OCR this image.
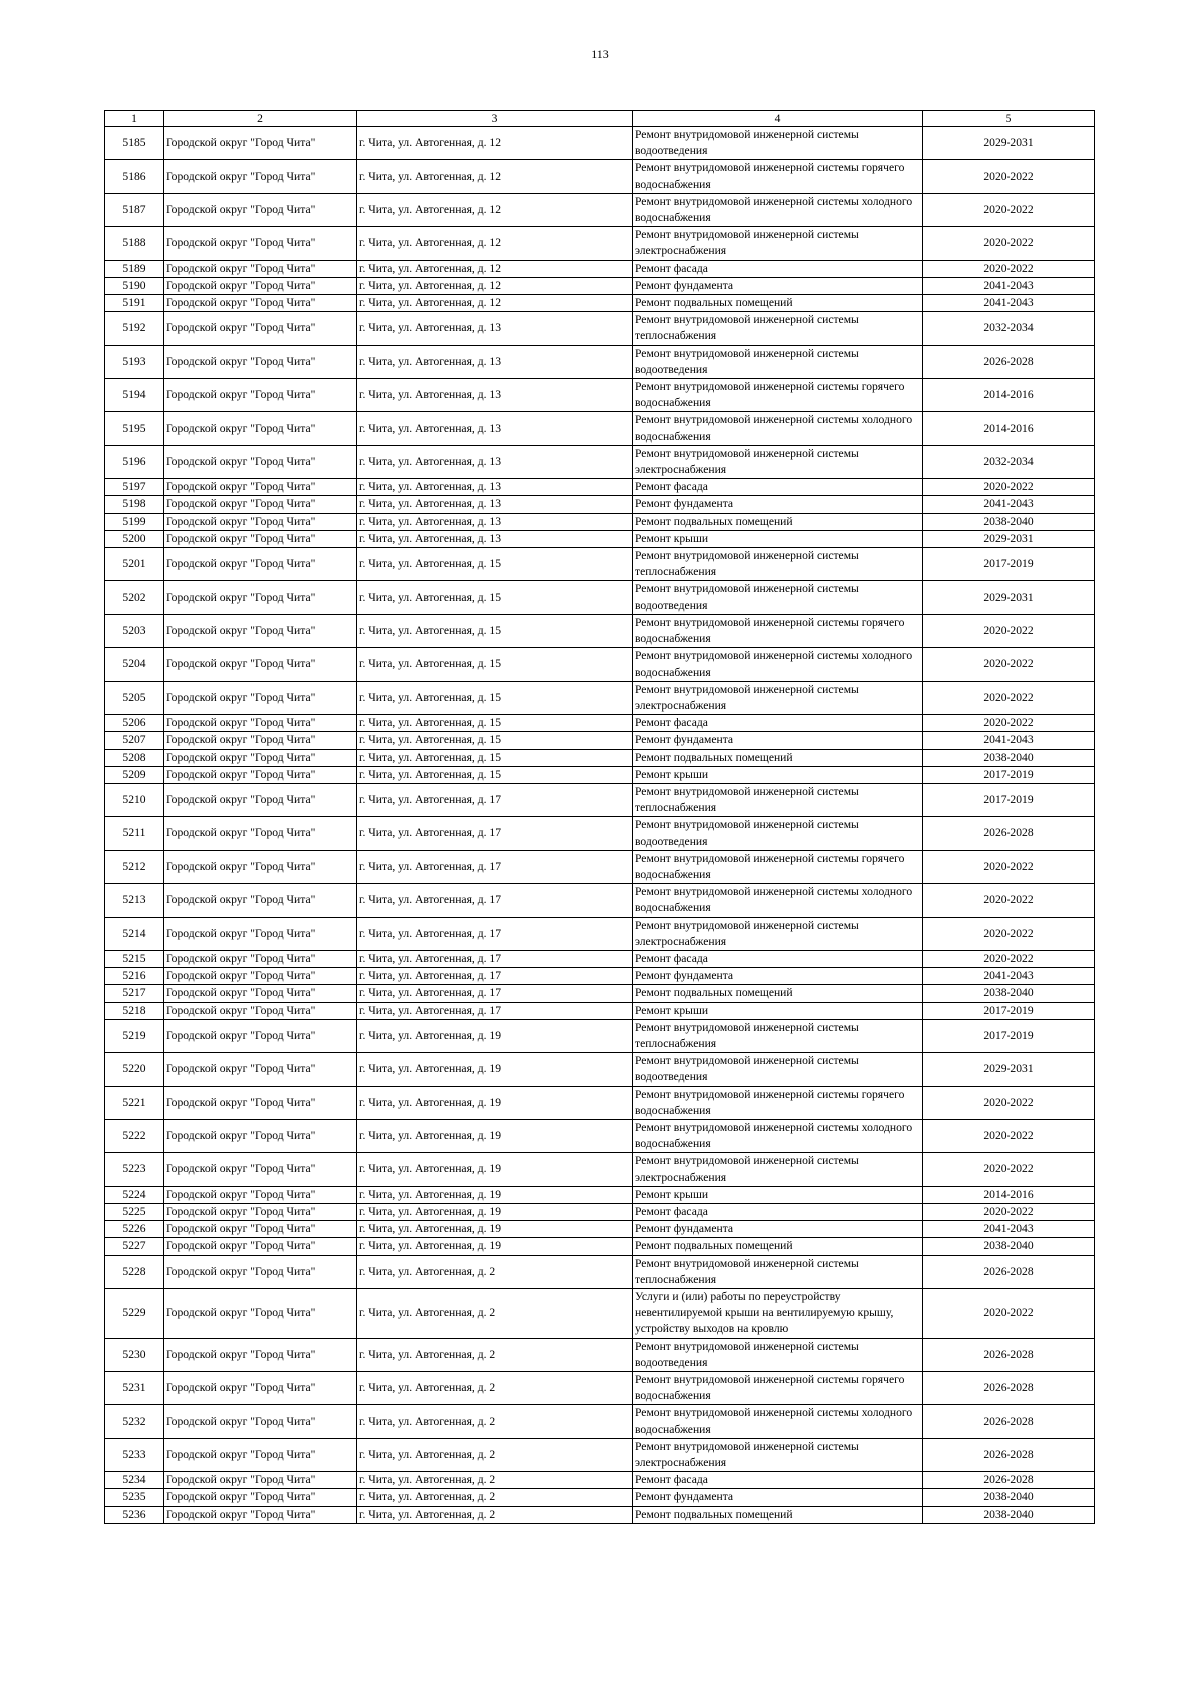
113
1	2	3	4	5
5185	Городской округ "Город Чита"	г. Чита, ул. Автогенная, д. 12	Ремонт внутридомовой инженерной системы водоотведения	2029-2031
5186	Городской округ "Город Чита"	г. Чита, ул. Автогенная, д. 12	Ремонт внутридомовой инженерной системы горячего водоснабжения	2020-2022
5187	Городской округ "Город Чита"	г. Чита, ул. Автогенная, д. 12	Ремонт внутридомовой инженерной системы холодного водоснабжения	2020-2022
5188	Городской округ "Город Чита"	г. Чита, ул. Автогенная, д. 12	Ремонт внутридомовой инженерной системы электроснабжения	2020-2022
5189	Городской округ "Город Чита"	г. Чита, ул. Автогенная, д. 12	Ремонт фасада	2020-2022
5190	Городской округ "Город Чита"	г. Чита, ул. Автогенная, д. 12	Ремонт фундамента	2041-2043
5191	Городской округ "Город Чита"	г. Чита, ул. Автогенная, д. 12	Ремонт подвальных помещений	2041-2043
5192	Городской округ "Город Чита"	г. Чита, ул. Автогенная, д. 13	Ремонт внутридомовой инженерной системы теплоснабжения	2032-2034
5193	Городской округ "Город Чита"	г. Чита, ул. Автогенная, д. 13	Ремонт внутридомовой инженерной системы водоотведения	2026-2028
5194	Городской округ "Город Чита"	г. Чита, ул. Автогенная, д. 13	Ремонт внутридомовой инженерной системы горячего водоснабжения	2014-2016
5195	Городской округ "Город Чита"	г. Чита, ул. Автогенная, д. 13	Ремонт внутридомовой инженерной системы холодного водоснабжения	2014-2016
5196	Городской округ "Город Чита"	г. Чита, ул. Автогенная, д. 13	Ремонт внутридомовой инженерной системы электроснабжения	2032-2034
5197	Городской округ "Город Чита"	г. Чита, ул. Автогенная, д. 13	Ремонт фасада	2020-2022
5198	Городской округ "Город Чита"	г. Чита, ул. Автогенная, д. 13	Ремонт фундамента	2041-2043
5199	Городской округ "Город Чита"	г. Чита, ул. Автогенная, д. 13	Ремонт подвальных помещений	2038-2040
5200	Городской округ "Город Чита"	г. Чита, ул. Автогенная, д. 13	Ремонт крыши	2029-2031
5201	Городской округ "Город Чита"	г. Чита, ул. Автогенная, д. 15	Ремонт внутридомовой инженерной системы теплоснабжения	2017-2019
5202	Городской округ "Город Чита"	г. Чита, ул. Автогенная, д. 15	Ремонт внутридомовой инженерной системы водоотведения	2029-2031
5203	Городской округ "Город Чита"	г. Чита, ул. Автогенная, д. 15	Ремонт внутридомовой инженерной системы горячего водоснабжения	2020-2022
5204	Городской округ "Город Чита"	г. Чита, ул. Автогенная, д. 15	Ремонт внутридомовой инженерной системы холодного водоснабжения	2020-2022
5205	Городской округ "Город Чита"	г. Чита, ул. Автогенная, д. 15	Ремонт внутридомовой инженерной системы электроснабжения	2020-2022
5206	Городской округ "Город Чита"	г. Чита, ул. Автогенная, д. 15	Ремонт фасада	2020-2022
5207	Городской округ "Город Чита"	г. Чита, ул. Автогенная, д. 15	Ремонт фундамента	2041-2043
5208	Городской округ "Город Чита"	г. Чита, ул. Автогенная, д. 15	Ремонт подвальных помещений	2038-2040
5209	Городской округ "Город Чита"	г. Чита, ул. Автогенная, д. 15	Ремонт крыши	2017-2019
5210	Городской округ "Город Чита"	г. Чита, ул. Автогенная, д. 17	Ремонт внутридомовой инженерной системы теплоснабжения	2017-2019
5211	Городской округ "Город Чита"	г. Чита, ул. Автогенная, д. 17	Ремонт внутридомовой инженерной системы водоотведения	2026-2028
5212	Городской округ "Город Чита"	г. Чита, ул. Автогенная, д. 17	Ремонт внутридомовой инженерной системы горячего водоснабжения	2020-2022
5213	Городской округ "Город Чита"	г. Чита, ул. Автогенная, д. 17	Ремонт внутридомовой инженерной системы холодного водоснабжения	2020-2022
5214	Городской округ "Город Чита"	г. Чита, ул. Автогенная, д. 17	Ремонт внутридомовой инженерной системы электроснабжения	2020-2022
5215	Городской округ "Город Чита"	г. Чита, ул. Автогенная, д. 17	Ремонт фасада	2020-2022
5216	Городской округ "Город Чита"	г. Чита, ул. Автогенная, д. 17	Ремонт фундамента	2041-2043
5217	Городской округ "Город Чита"	г. Чита, ул. Автогенная, д. 17	Ремонт подвальных помещений	2038-2040
5218	Городской округ "Город Чита"	г. Чита, ул. Автогенная, д. 17	Ремонт крыши	2017-2019
5219	Городской округ "Город Чита"	г. Чита, ул. Автогенная, д. 19	Ремонт внутридомовой инженерной системы теплоснабжения	2017-2019
5220	Городской округ "Город Чита"	г. Чита, ул. Автогенная, д. 19	Ремонт внутридомовой инженерной системы водоотведения	2029-2031
5221	Городской округ "Город Чита"	г. Чита, ул. Автогенная, д. 19	Ремонт внутридомовой инженерной системы горячего водоснабжения	2020-2022
5222	Городской округ "Город Чита"	г. Чита, ул. Автогенная, д. 19	Ремонт внутридомовой инженерной системы холодного водоснабжения	2020-2022
5223	Городской округ "Город Чита"	г. Чита, ул. Автогенная, д. 19	Ремонт внутридомовой инженерной системы электроснабжения	2020-2022
5224	Городской округ "Город Чита"	г. Чита, ул. Автогенная, д. 19	Ремонт крыши	2014-2016
5225	Городской округ "Город Чита"	г. Чита, ул. Автогенная, д. 19	Ремонт фасада	2020-2022
5226	Городской округ "Город Чита"	г. Чита, ул. Автогенная, д. 19	Ремонт фундамента	2041-2043
5227	Городской округ "Город Чита"	г. Чита, ул. Автогенная, д. 19	Ремонт подвальных помещений	2038-2040
5228	Городской округ "Город Чита"	г. Чита, ул. Автогенная, д. 2	Ремонт внутридомовой инженерной системы теплоснабжения	2026-2028
5229	Городской округ "Город Чита"	г. Чита, ул. Автогенная, д. 2	Услуги и (или) работы по переустройству невентилируемой крыши на вентилируемую крышу, устройству выходов на кровлю	2020-2022
5230	Городской округ "Город Чита"	г. Чита, ул. Автогенная, д. 2	Ремонт внутридомовой инженерной системы водоотведения	2026-2028
5231	Городской округ "Город Чита"	г. Чита, ул. Автогенная, д. 2	Ремонт внутридомовой инженерной системы горячего водоснабжения	2026-2028
5232	Городской округ "Город Чита"	г. Чита, ул. Автогенная, д. 2	Ремонт внутридомовой инженерной системы холодного водоснабжения	2026-2028
5233	Городской округ "Город Чита"	г. Чита, ул. Автогенная, д. 2	Ремонт внутридомовой инженерной системы электроснабжения	2026-2028
5234	Городской округ "Город Чита"	г. Чита, ул. Автогенная, д. 2	Ремонт фасада	2026-2028
5235	Городской округ "Город Чита"	г. Чита, ул. Автогенная, д. 2	Ремонт фундамента	2038-2040
5236	Городской округ "Город Чита"	г. Чита, ул. Автогенная, д. 2	Ремонт подвальных помещений	2038-2040
